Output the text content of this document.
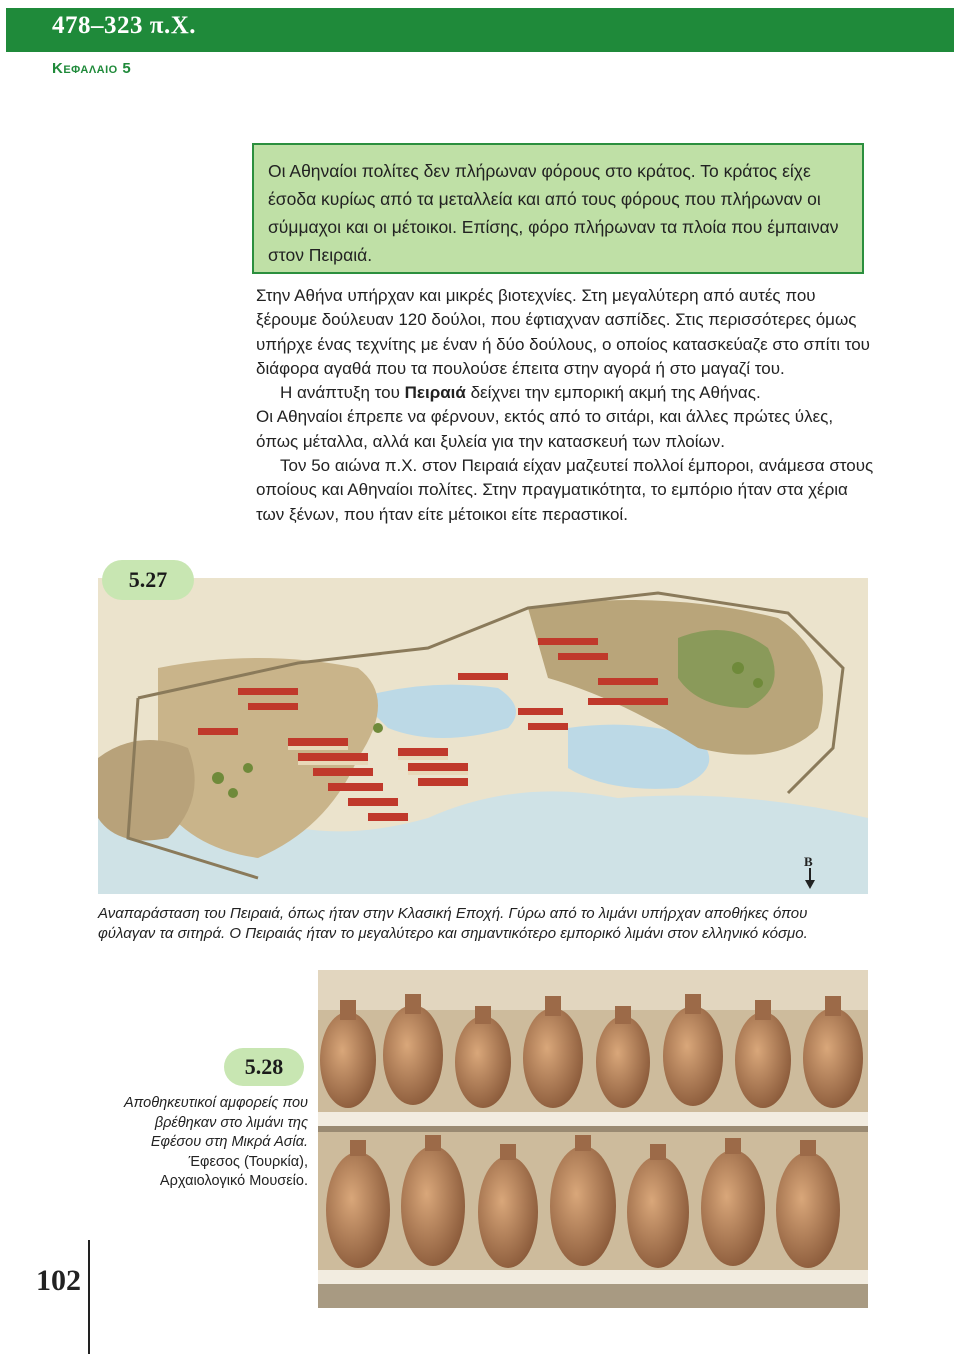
478–323 π.Χ.
Κεφαλαιο 5
Οι Αθηναίοι πολίτες δεν πλήρωναν φόρους στο κράτος. Το κράτος είχε έσοδα κυρίως από τα μεταλλεία και από τους φόρους που πλήρωναν οι σύμμαχοι και οι μέτοικοι. Επίσης, φόρο πλήρωναν τα πλοία που έμπαιναν στον Πειραιά.

Στην Αθήνα υπήρχαν και μικρές βιοτεχνίες. Στη μεγαλύτερη από αυτές που ξέρουμε δούλευαν 120 δούλοι, που έφτιαχναν ασπίδες. Στις περισσότερες όμως υπήρχε ένας τεχνίτης με έναν ή δύο δούλους, ο οποίος κατασκεύαζε στο σπίτι του διάφορα αγαθά που τα πουλούσε έπειτα στην αγορά ή στο μαγαζί του.

Η ανάπτυξη του Πειραιά δείχνει την εμπορική ακμή της Αθήνας.

Οι Αθηναίοι έπρεπε να φέρνουν, εκτός από το σιτάρι, και άλλες πρώτες ύλες, όπως μέταλλα, αλλά και ξυλεία για την κατασκευή των πλοίων.

Τον 5ο αιώνα π.Χ. στον Πειραιά είχαν μαζευτεί πολλοί έμποροι, ανάμεσα στους οποίους και Αθηναίοι πολίτες. Στην πραγματικότητα, το εμπόριο ήταν στα χέρια των ξένων, που ήταν είτε μέτοικοι είτε περαστικοί.

Β
5.27
Αναπαράσταση του Πειραιά, όπως ήταν στην Κλασική Εποχή. Γύρω από το λιμάνι υπήρχαν αποθήκες όπου φύλαγαν τα σιτηρά. Ο Πειραιάς ήταν το μεγαλύτερο και σημαντικότερο εμπορικό λιμάνι στον ελληνικό κόσμο.
5.28
Αποθηκευτικοί αμφορείς που βρέθηκαν στο λιμάνι της Εφέσου στη Μικρά Ασία. Έφεσος (Τουρκία), Αρχαιολογικό Μουσείο.
102
